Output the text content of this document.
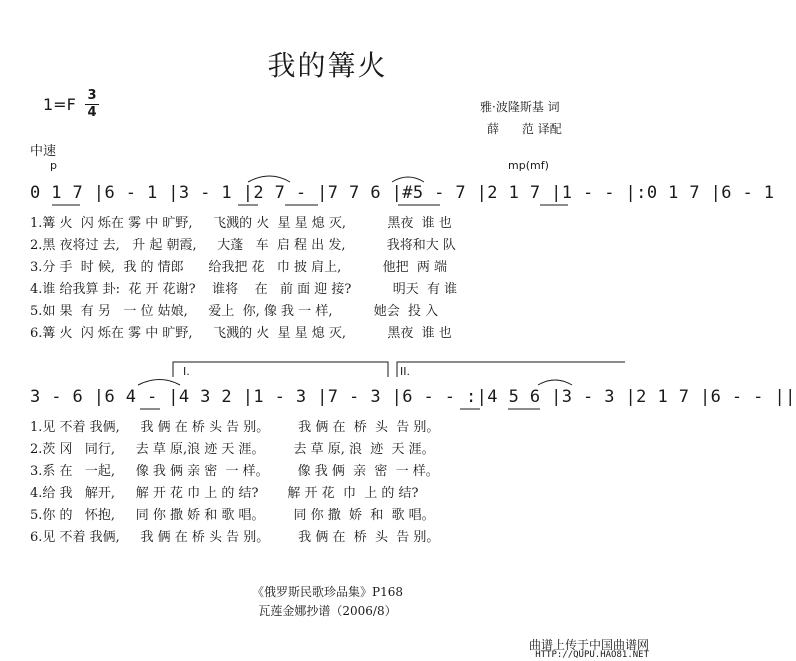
我的篝火
1=F 3
4	雅·波隆斯基 词
薛      范 译配
中速
p	mp(mf)
0 1 7 |6 - 1 |3 - 1 |2 7 - |7 7 6 |#5 - 7 |2 1 7 |1 - - |:0 1 7 |6 - 1
1.篝 火  闪 烁在 雾 中 旷野,     飞溅的 火  星 星 熄 灭,          黑夜  谁 也
2.黑 夜将过 去,   升 起 朝霞,     大蓬   车  启 程 出 发,          我将和大 队
3.分 手  时 候,  我 的 情郎      给我把 花   巾 披 肩上,          他把  两 端
4.谁 给我算 卦:  花 开 花谢?    谁将    在   前 面 迎 接?          明天  有 谁
5.如 果  有 另   一 位 姑娘,     爱上  你, 像 我 一 样,          她会  投 入
6.篝 火  闪 烁在 雾 中 旷野,     飞溅的 火  星 星 熄 灭,          黑夜  谁 也
I.	II.
3 - 6 |6 4 - |4 3 2 |1 - 3 |7 - 3 |6 - - :|4 5 6 |3 - 3 |2 1 7 |6 - - ||
1.见 不着 我俩,     我 俩 在 桥 头 告 别。       我 俩 在  桥  头  告 别。
2.茨 冈   同行,     去 草 原,浪 迹 天 涯。       去 草 原, 浪  迹  天 涯。
3.系 在   一起,     像 我 俩 亲 密  一 样。       像 我 俩  亲  密  一 样。
4.给 我   解开,     解 开 花 巾 上 的 结?       解 开 花  巾  上 的 结?
5.你 的   怀抱,     同 你 撒 娇 和 歌 唱。       同 你 撒  娇  和  歌 唱。
6.见 不着 我俩,     我 俩 在 桥 头 告 别。       我 俩 在  桥  头  告 别。
《俄罗斯民歌珍品集》P168
瓦莲金娜抄谱（2006/8）
曲谱上传于中国曲谱网
HTTP://QUPU.HAO81.NET
